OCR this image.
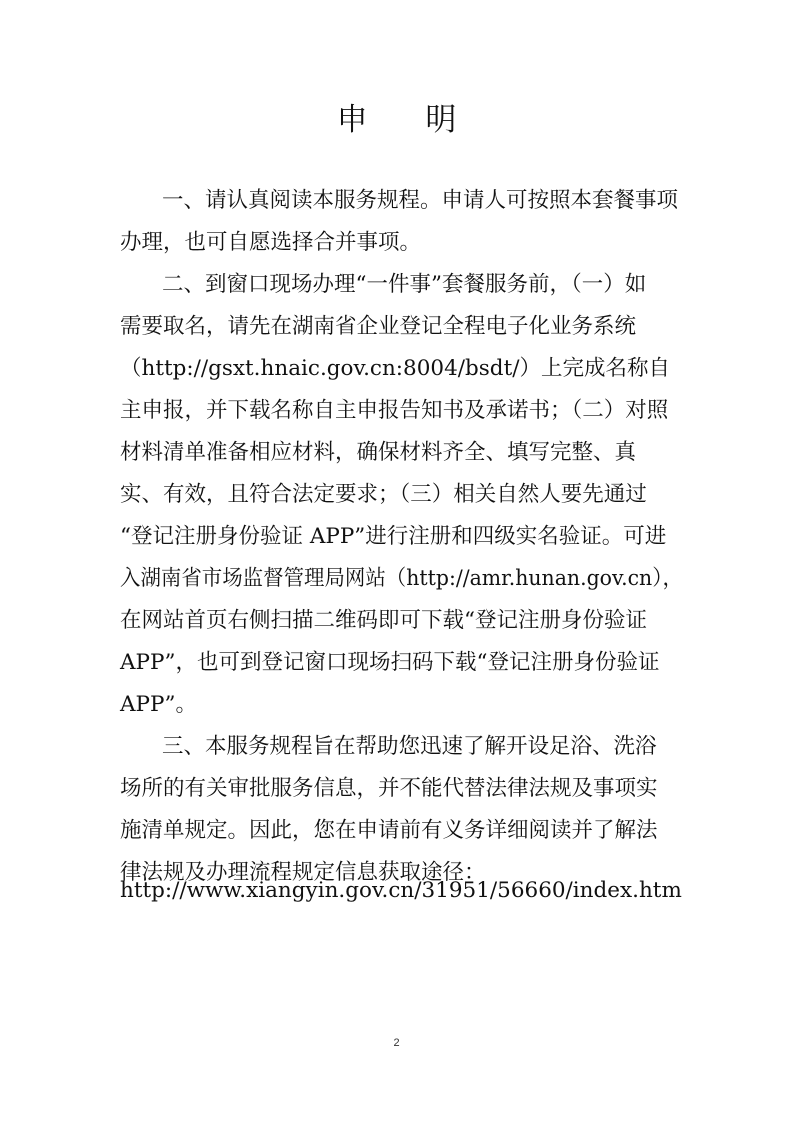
申 明
一、请认真阅读本服务规程。申请人可按照本套餐事项
办理，也可自愿选择合并事项。
二、到窗口现场办理“一件事”套餐服务前，（一）如
需要取名，请先在湖南省企业登记全程电子化业务系统
（http://gsxt.hnaic.gov.cn:8004/bsdt/）上完成名称自
主申报，并下载名称自主申报告知书及承诺书；（二）对照
材料清单准备相应材料，确保材料齐全、填写完整、真
实、有效，且符合法定要求；（三）相关自然人要先通过
“登记注册身份验证 APP”进行注册和四级实名验证。可进
入湖南省市场监督管理局网站（http://amr.hunan.gov.cn），
在网站首页右侧扫描二维码即可下载“登记注册身份验证
APP”，也可到登记窗口现场扫码下载“登记注册身份验证
APP”。
三、本服务规程旨在帮助您迅速了解开设足浴、洗浴
场所的有关审批服务信息，并不能代替法律法规及事项实
施清单规定。因此，您在申请前有义务详细阅读并了解法
律法规及办理流程规定信息获取途径：
http://www.xiangyin.gov.cn/31951/56660/index.htm
2
